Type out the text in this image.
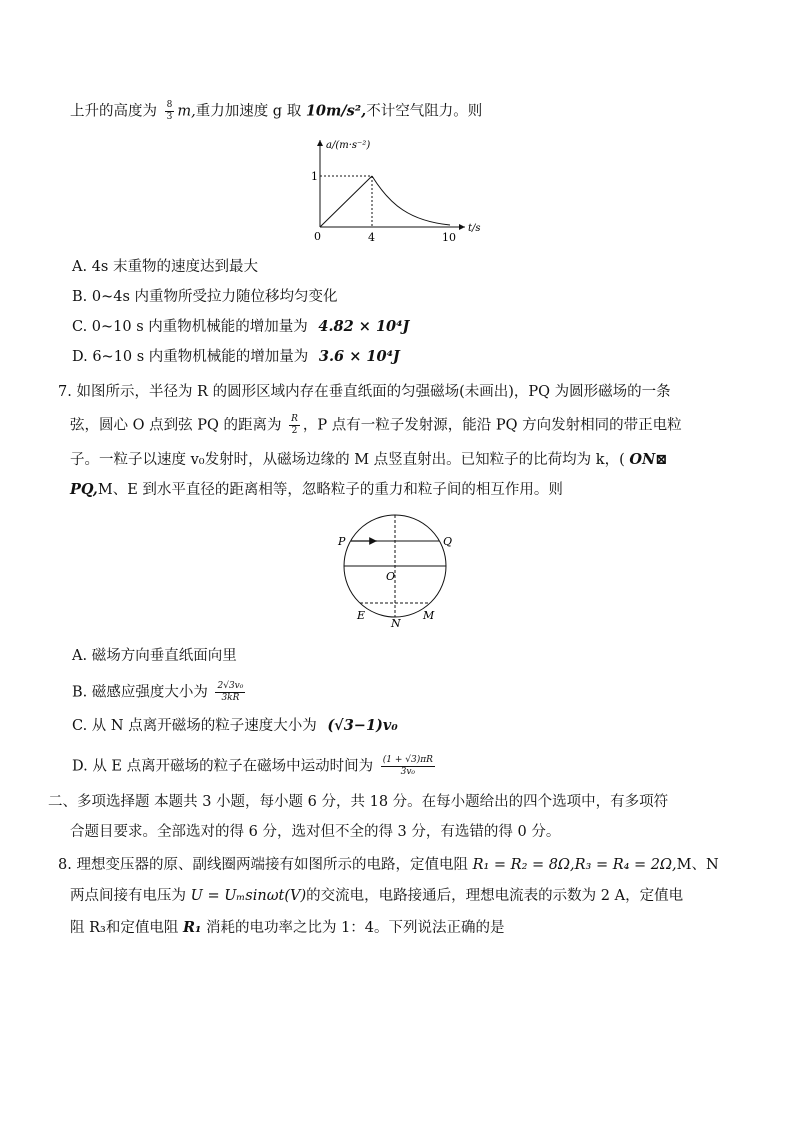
上升的高度为 $\frac{8}{3} m$,重力加速度 g 取 10m/s²,不计空气阻力。则
a/(m·s⁻²)
t/s
0
1
4	10
A. 4s 末重物的速度达到最大
B. 0~4s 内重物所受拉力随位移均匀变化
C. 0~10 s 内重物机械能的增加量为 4.82 × 10⁴J
D. 6~10 s 内重物机械能的增加量为 3.6 × 10⁴J
7. 如图所示，半径为 R 的圆形区域内存在垂直纸面的匀强磁场(未画出)，PQ 为圆形磁场的一条
弦，圆心 O 点到弦 PQ 的距离为 $\frac{R}{2}$ ，P 点有一粒子发射源，能沿 PQ 方向发射相同的带正电粒
子。一粒子以速度 v₀发射时，从磁场边缘的 M 点竖直射出。已知粒子的比荷均为 k，( ON⊠
PQ,M、E 到水平直径的距离相等，忽略粒子的重力和粒子间的相互作用。则
P	Q
O
E
N
M
A. 磁场方向垂直纸面向里
B. 磁感应强度大小为 $\frac{\text{2√3v₀}}{3kR}$
C. 从 N 点离开磁场的粒子速度大小为 (√3−1)v₀
D. 从 E 点离开磁场的粒子在磁场中运动时间为 $\frac{(1 + √3)\pi R}{\text{3v₀}}$
二、多项选择题 本题共 3 小题，每小题 6 分，共 18 分。在每小题给出的四个选项中，有多项符
合题目要求。全部选对的得 6 分，选对但不全的得 3 分，有选错的得 0 分。
8. 理想变压器的原、副线圈两端接有如图所示的电路，定值电阻 R₁ = R₂ = 8Ω,R₃ = R₄ = 2Ω,M、N
两点间接有电压为 U = Uₘsinωt(V)的交流电，电路接通后，理想电流表的示数为 2 A，定值电
阻 R₃和定值电阻 R₁ 消耗的电功率之比为 1：4。下列说法正确的是
